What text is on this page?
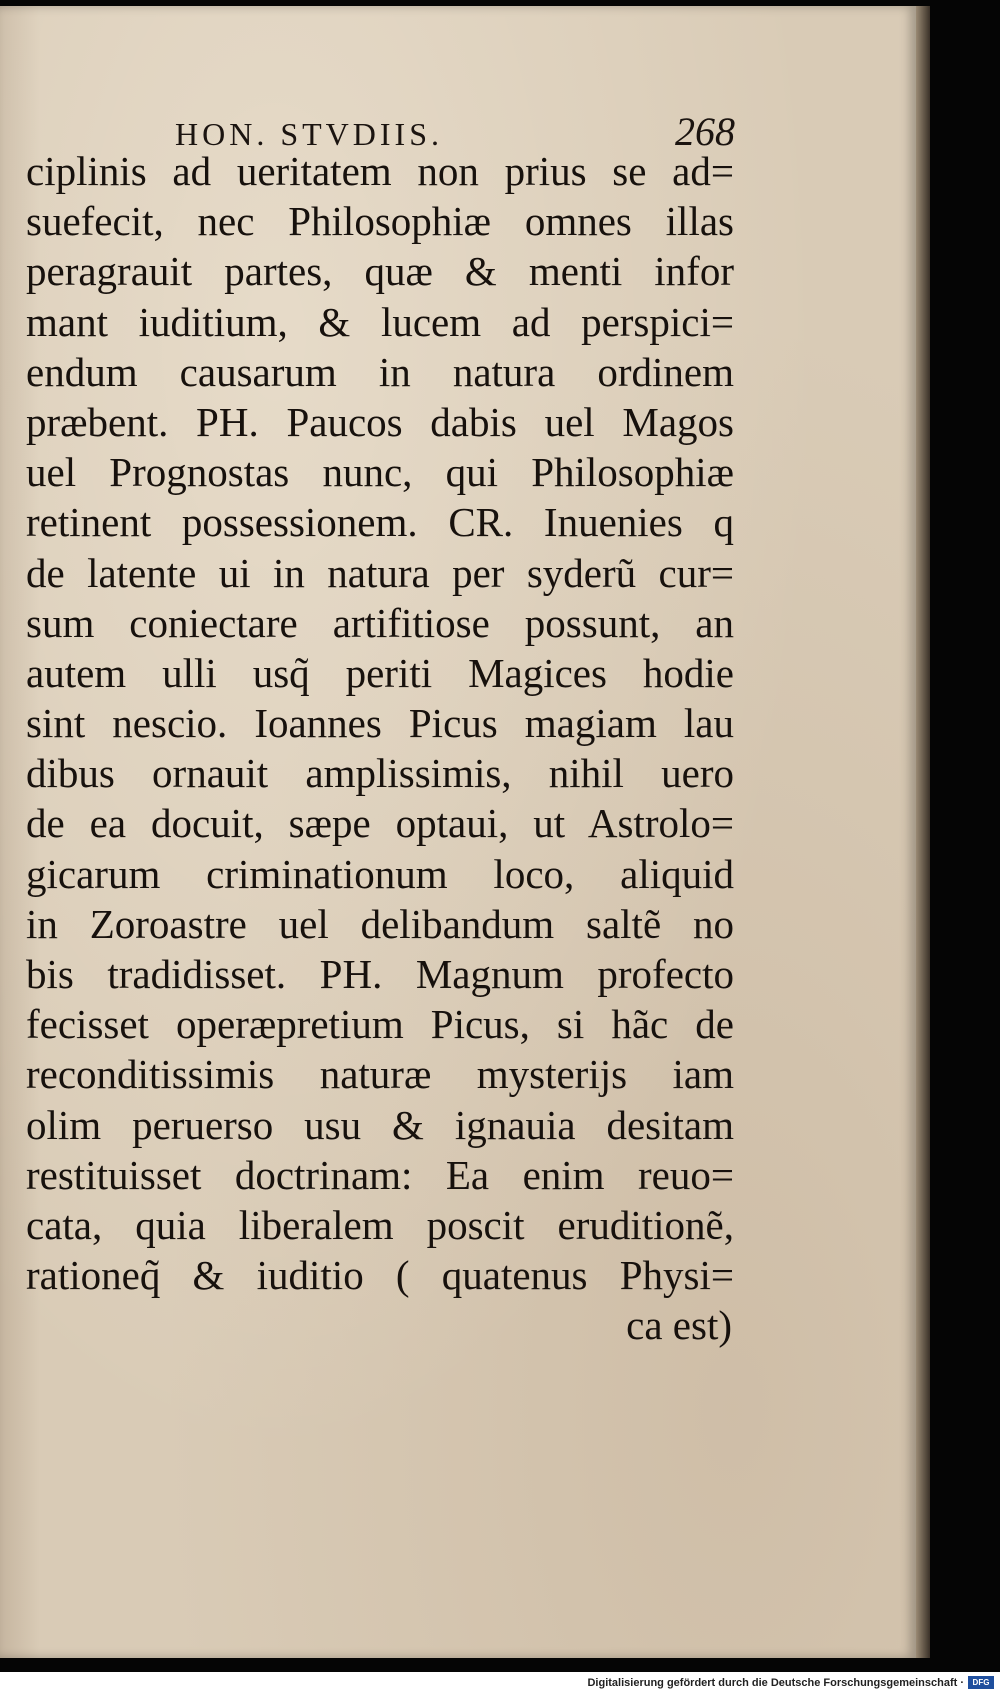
HON. STVDIIS.	268
ciplinis ad ueritatem non prius se ad=
suefecit, nec Philosophiæ omnes illas
peragrauit partes, quæ & menti infor
mant iuditium, & lucem ad perspici=
endum causarum in natura ordinem
præbent. PH. Paucos dabis uel Magos
uel Prognostas nunc, qui Philosophiæ
retinent possessionem. CR. Inuenies q
de latente ui in natura per syderũ cur=
sum coniectare artifitiose possunt, an
autem ulli usq̃ periti Magices hodie
sint nescio. Ioannes Picus magiam lau
dibus ornauit amplissimis, nihil uero
de ea docuit, sæpe optaui, ut Astrolo=
gicarum criminationum loco, aliquid
in Zoroastre uel delibandum saltẽ no
bis tradidisset. PH. Magnum profecto
fecisset operæpretium Picus, si hãc de
reconditissimis naturæ mysterijs iam
olim peruerso usu & ignauia desitam
restituisset doctrinam: Ea enim reuo=
cata, quia liberalem poscit eruditionẽ,
rationeq̃ & iuditio ( quatenus Physi=
ca est)
Digitalisierung gefördert durch die Deutsche Forschungsgemeinschaft ·	DFG
